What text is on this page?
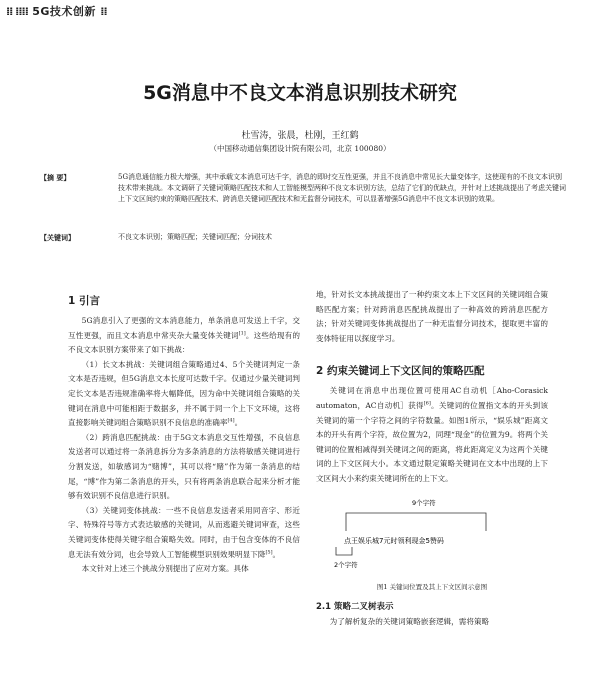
⁞⁞ ⁞⁞⁞⁞ 5G技术创新 ⁞⁞
5G消息中不良文本消息识别技术研究
杜雪涛，张晨，杜刚，王红鹤
（中国移动通信集团设计院有限公司，北京 100080）
【摘 要】	5G消息通信能力极大增强，其中承载文本消息可达千字，消息的即时交互性更强，并且不良消息中常见长大量变体字，这使现有的不良文本识别技术带来挑战。本文调研了关键词策略匹配技术和人工智能模型两种不良文本识别方法，总结了它们的优缺点，并针对上述挑战提出了考虑关键词上下文区间约束的策略匹配技术、跨消息关键词匹配技术和无监督分词技术，可以显著增强5G消息中不良文本识别的效果。
【关键词】	不良文本识别；策略匹配；关键词匹配；分词技术
1 引言

5G消息引入了更强的文本消息能力，单条消息可发送上千字，交互性更强，而且文本消息中常夹杂大量变体关键词[1]。这些给现有的不良文本识别方案带来了如下挑战：

（1）长文本挑战：关键词组合策略通过4、5个关键词判定一条文本是否违规，但5G消息文本长度可达数千字。仅通过少量关键词判定长文本是否违规准确率将大幅降低，因为命中关键词组合策略的关键词在消息中可能相距于数据多，并不属于同一个上下文环境，这将直接影响关键词组合策略识别不良信息的准确率[4]。

（2）跨消息匹配挑战：由于5G文本消息交互性增强，不良信息发送者可以通过将一条消息拆分为多条消息的方法将敏感关键词进行分割发送，如敏感词为“赌博”，其可以将“赌”作为第一条消息的结尾，“博”作为第二条消息的开头，只有将两条消息联合起来分析才能够有效识别不良信息进行识别。

（3）关键词变体挑战：一些不良信息发送者采用同音字、形近字、特殊符号等方式表达敏感的关键词，从而逃避关键词审查，这些关键词变体使得关键字组合策略失效。同时，由于包含变体的不良信息无法有效分词，也会导致人工智能模型识别效果明显下降[5]。

本文针对上述三个挑战分别提出了应对方案。具体

地，针对长文本挑战提出了一种约束文本上下文区间的关键词组合策略匹配方案；针对跨消息匹配挑战提出了一种高效的跨消息匹配方法；针对关键词变体挑战提出了一种无监督分词技术，提取更丰富的变体特征用以探度学习。

2 约束关键词上下文区间的策略匹配

关键词在消息中出现位置可使用AC自动机［Aho-Corasick automaton，AC自动机］获得[6]。关键词的位置指文本的开头到该关键词的第一个字符之间的字符数量。如图1所示，“娱乐城”距离文本的开头有两个字符，故位置为2，同理“现金”的位置为9。将两个关键词的位置相减得到关键词之间的距离，将此距离定义为这两个关键词的上下文区间大小。本文通过限定策略关键词在文本中出现的上下文区间大小来约束关键词所在的上下文。

9个字符
点王娱乐城7元时领利现金5赞码
2个字符
图1 关键词位置及其上下文区间示意图
2.1 策略二叉树表示

为了解析复杂的关键词策略嵌套逻辑，需将策略
